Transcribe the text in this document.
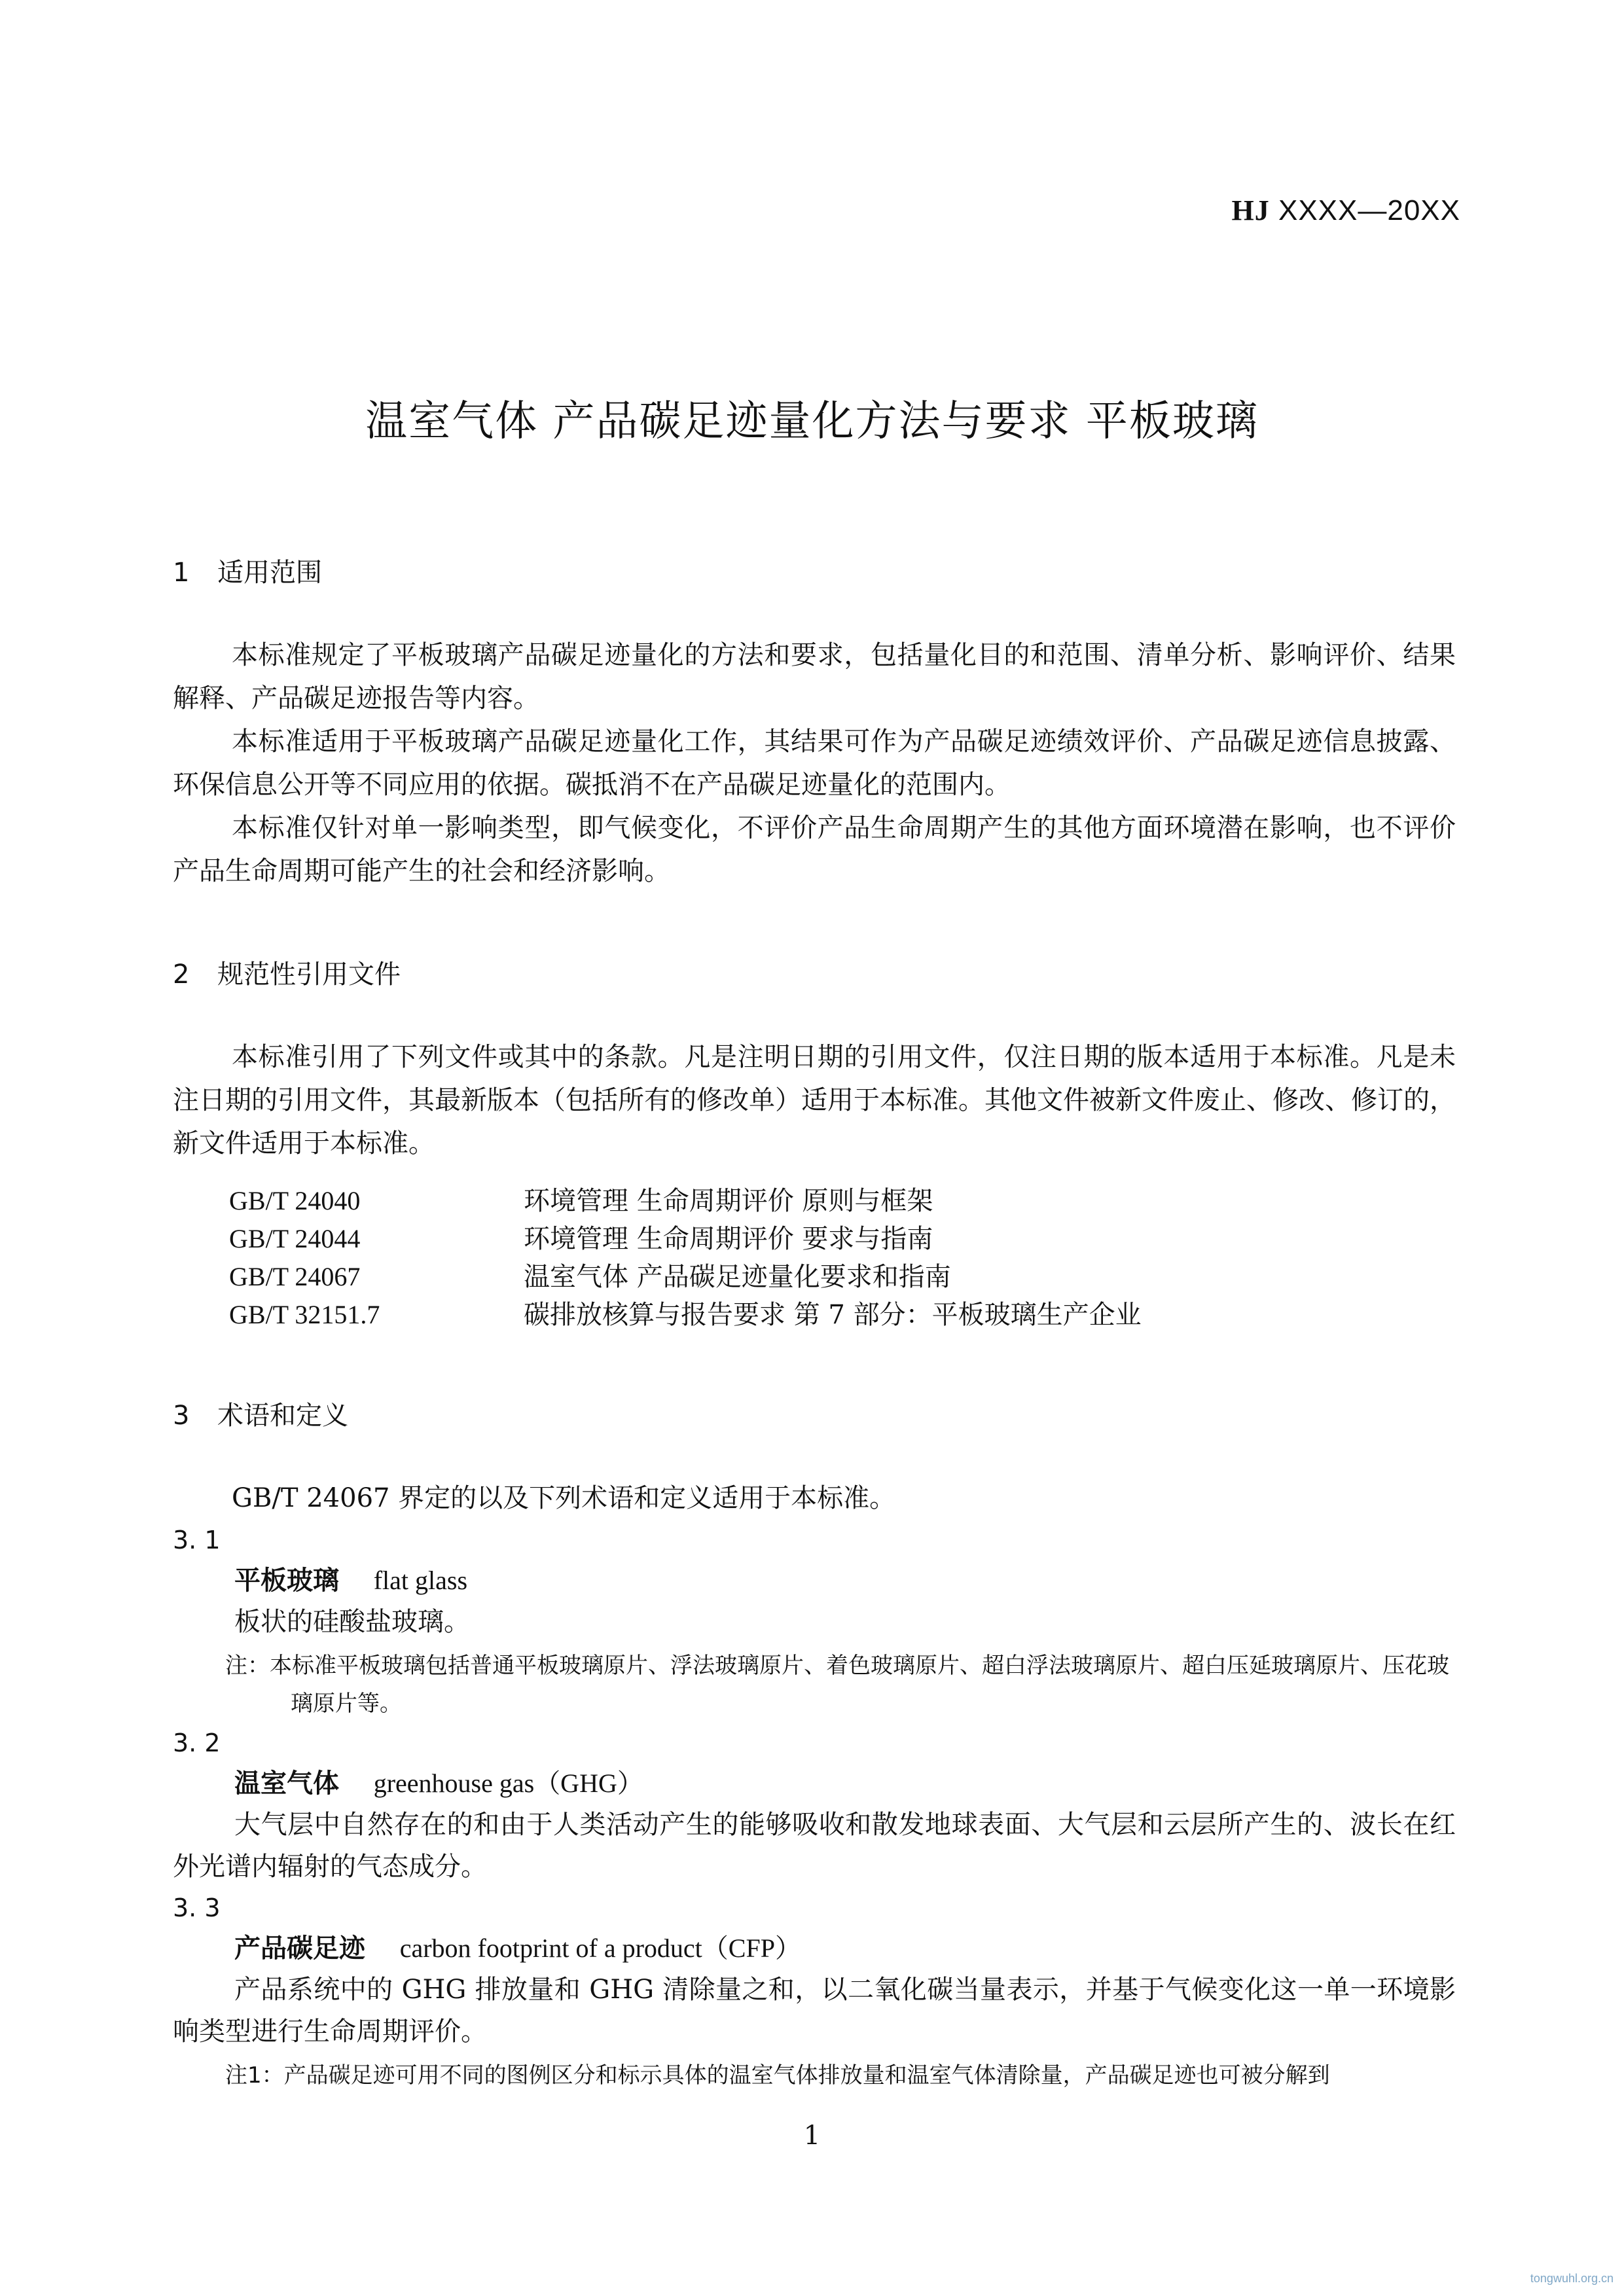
HJ XXXX—20XX
温室气体 产品碳足迹量化方法与要求 平板玻璃
1	适用范围

本标准规定了平板玻璃产品碳足迹量化的方法和要求，包括量化目的和范围、清单分析、影响评价、结果解释、产品碳足迹报告等内容。

本标准适用于平板玻璃产品碳足迹量化工作，其结果可作为产品碳足迹绩效评价、产品碳足迹信息披露、环保信息公开等不同应用的依据。碳抵消不在产品碳足迹量化的范围内。

本标准仅针对单一影响类型，即气候变化，不评价产品生命周期产生的其他方面环境潜在影响，也不评价产品生命周期可能产生的社会和经济影响。

2	规范性引用文件

本标准引用了下列文件或其中的条款。凡是注明日期的引用文件，仅注日期的版本适用于本标准。凡是未注日期的引用文件，其最新版本（包括所有的修改单）适用于本标准。其他文件被新文件废止、修改、修订的，新文件适用于本标准。

GB/T 24040	环境管理 生命周期评价 原则与框架
GB/T 24044	环境管理 生命周期评价 要求与指南
GB/T 24067	温室气体 产品碳足迹量化要求和指南
GB/T 32151.7	碳排放核算与报告要求 第 7 部分：平板玻璃生产企业
3	术语和定义

GB/T 24067 界定的以及下列术语和定义适用于本标准。

3. 1
平板玻璃 flat glass

板状的硅酸盐玻璃。

注：本标准平板玻璃包括普通平板玻璃原片、浮法玻璃原片、着色玻璃原片、超白浮法玻璃原片、超白压延玻璃原片、压花玻璃原片等。
3. 2
温室气体 greenhouse gas（GHG）

大气层中自然存在的和由于人类活动产生的能够吸收和散发地球表面、大气层和云层所产生的、波长在红外光谱内辐射的气态成分。

3. 3
产品碳足迹 carbon footprint of a product（CFP）

产品系统中的 GHG 排放量和 GHG 清除量之和，以二氧化碳当量表示，并基于气候变化这一单一环境影响类型进行生命周期评价。

注1：产品碳足迹可用不同的图例区分和标示具体的温室气体排放量和温室气体清除量，产品碳足迹也可被分解到
1
tongwuhl.org.cn
